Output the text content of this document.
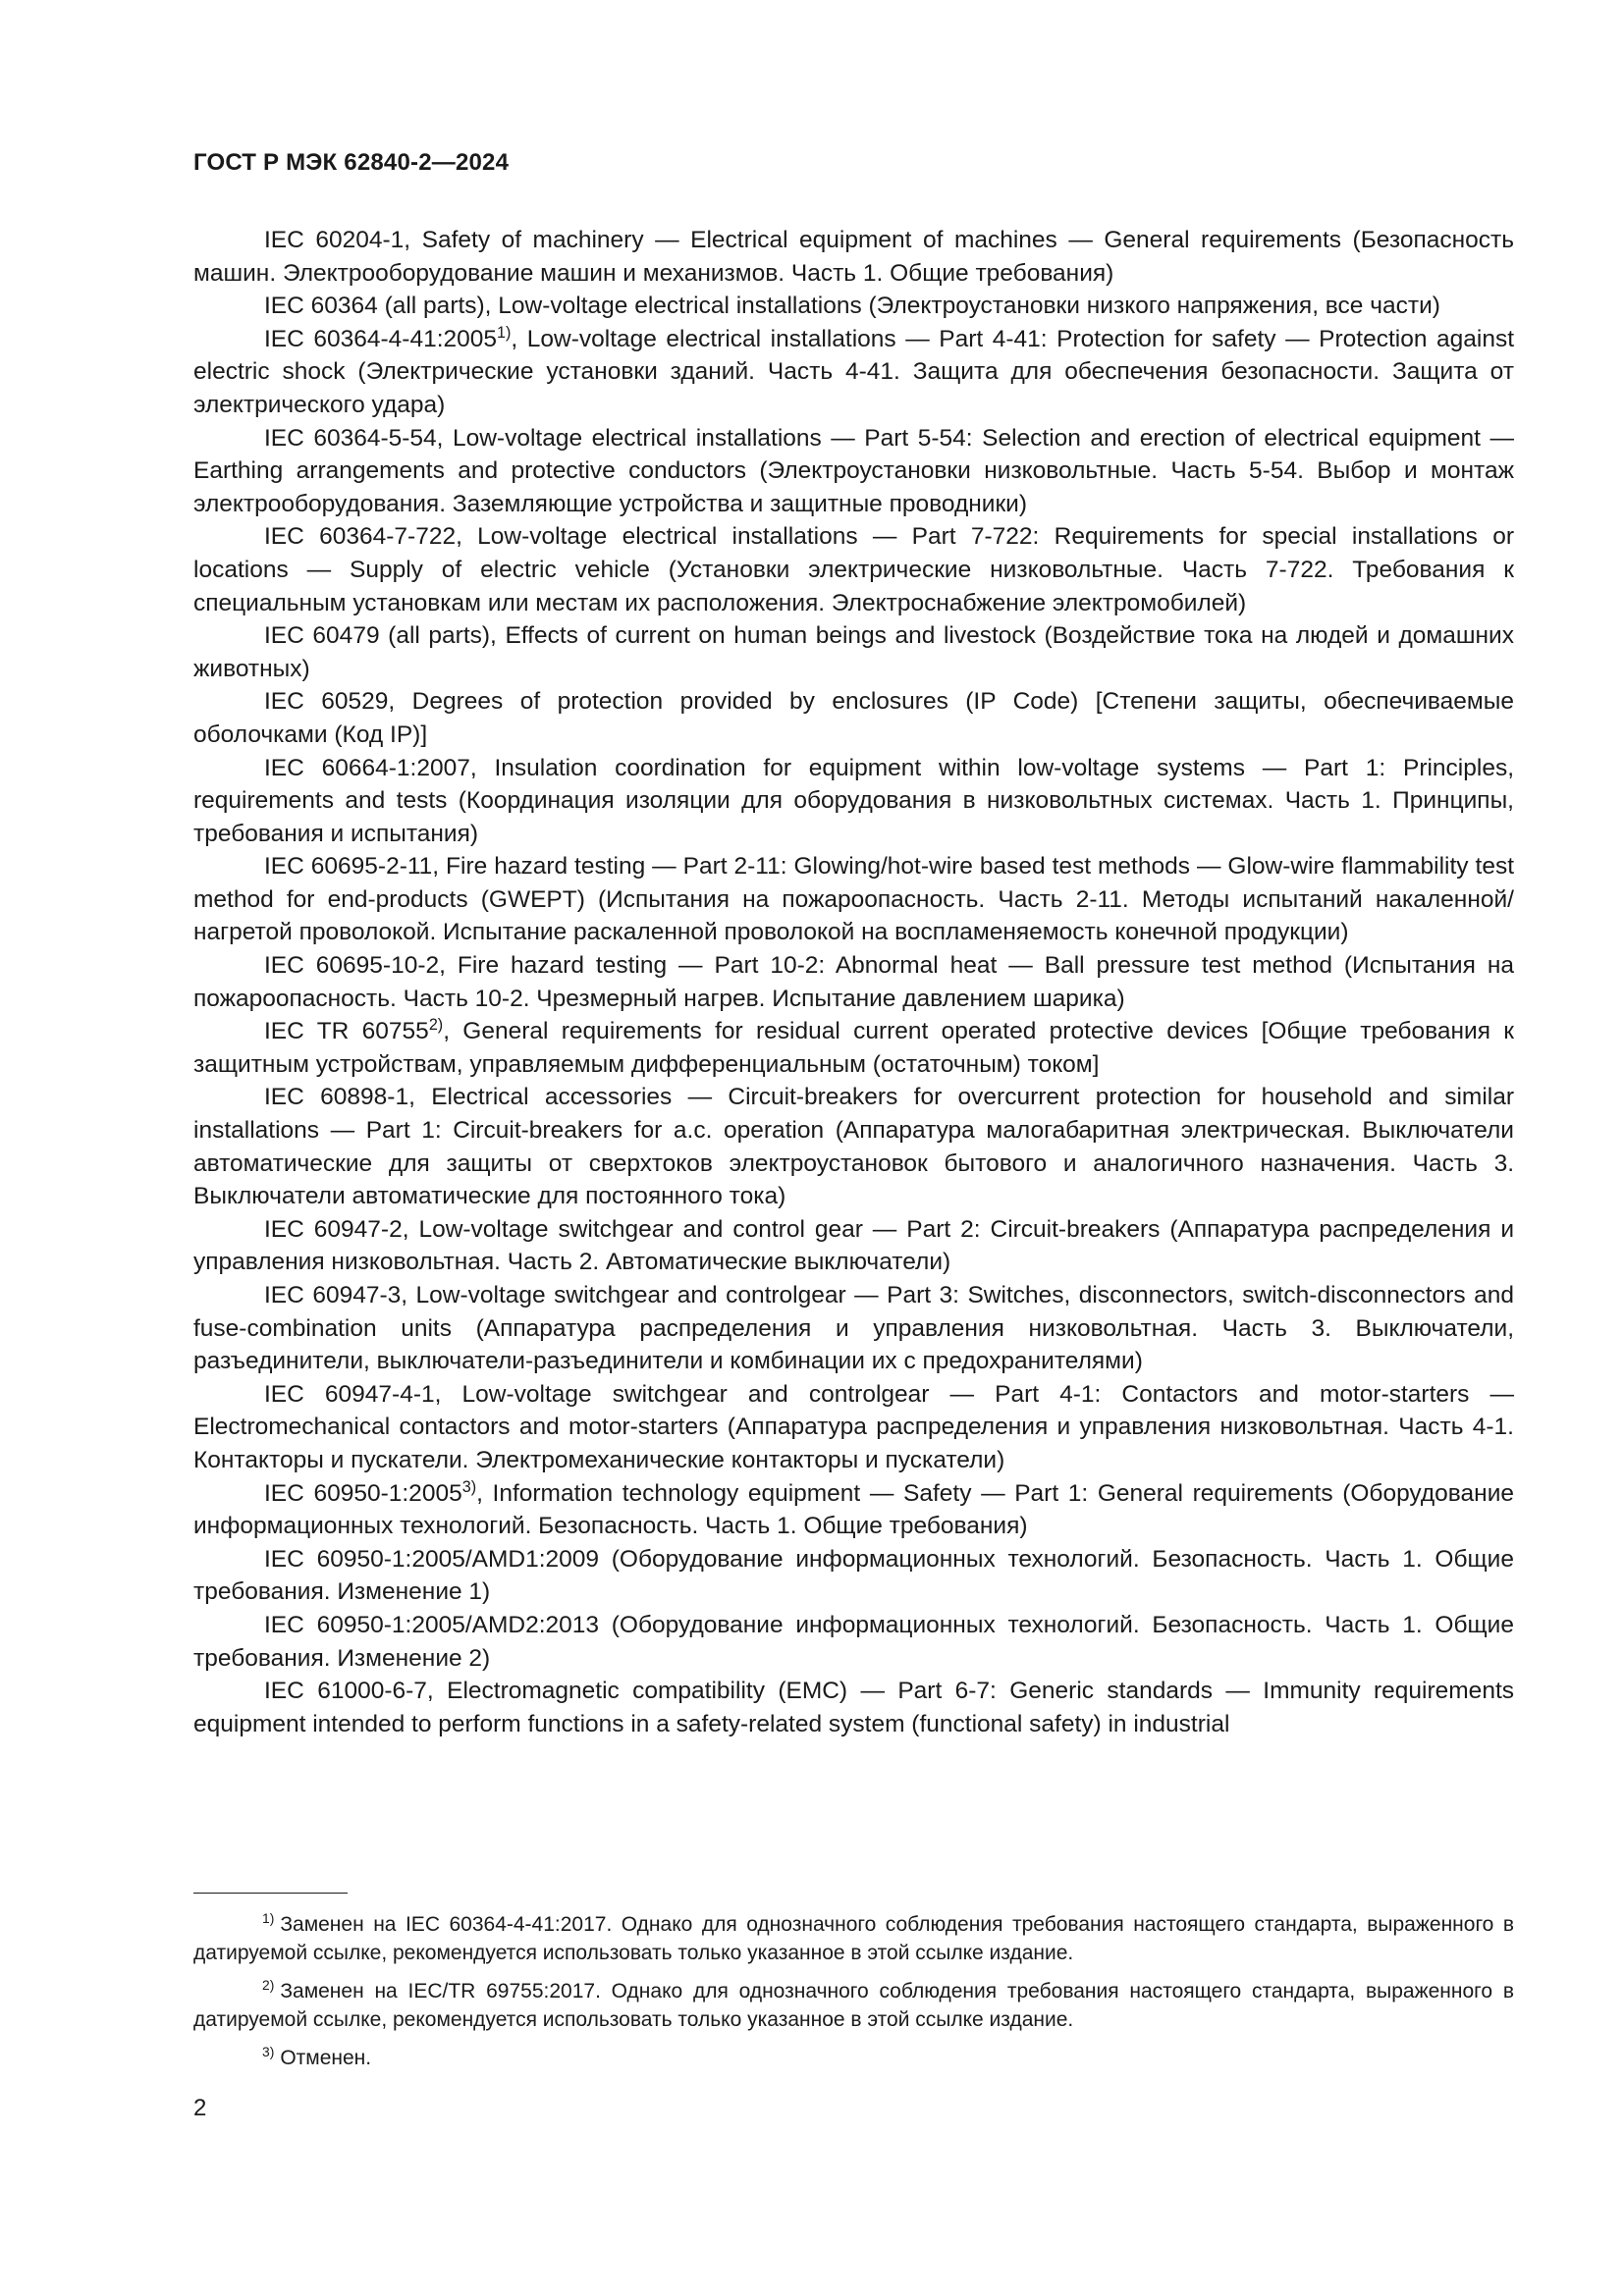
ГОСТ Р МЭК 62840-2—2024

IEC 60204-1, Safety of machinery — Electrical equipment of machines — General requirements (Безопасность машин. Электрооборудование машин и механизмов. Часть 1. Общие требования)

IEC 60364 (all parts), Low-voltage electrical installations (Электроустановки низкого напряжения, все части)

IEC 60364-4-41:2005$^{1)}$, Low-voltage electrical installations — Part 4-41: Protection for safety — Protection against electric shock (Электрические установки зданий. Часть 4-41. Защита для обеспечения безопасности. Защита от электрического удара)

IEC 60364-5-54, Low-voltage electrical installations — Part 5-54: Selection and erection of electrical equipment — Earthing arrangements and protective conductors (Электроустановки низковольтные. Часть 5-54. Выбор и монтаж электрооборудования. Заземляющие устройства и защитные проводники)

IEC 60364-7-722, Low-voltage electrical installations — Part 7-722: Requirements for special installations or locations — Supply of electric vehicle (Установки электрические низковольтные. Часть 7-722. Требования к специальным установкам или местам их расположения. Электроснабжение электромобилей)

IEC 60479 (all parts), Effects of current on human beings and livestock (Воздействие тока на людей и домашних животных)

IEC 60529, Degrees of protection provided by enclosures (IP Code) [Степени защиты, обеспечиваемые оболочками (Код IP)]

IEC 60664-1:2007, Insulation coordination for equipment within low-voltage systems — Part 1: Principles, requirements and tests (Координация изоляции для оборудования в низковольтных системах. Часть 1. Принципы, требования и испытания)

IEC 60695-2-11, Fire hazard testing — Part 2-11: Glowing/hot-wire based test methods — Glow-wire flammability test method for end-products (GWEPT) (Испытания на пожароопасность. Часть 2-11. Методы испытаний накаленной/нагретой проволокой. Испытание раскаленной проволокой на воспламеняемость конечной продукции)

IEC 60695-10-2, Fire hazard testing — Part 10-2: Abnormal heat — Ball pressure test method (Испытания на пожароопасность. Часть 10-2. Чрезмерный нагрев. Испытание давлением шарика)

IEC TR 60755$^{2)}$, General requirements for residual current operated protective devices [Общие требования к защитным устройствам, управляемым дифференциальным (остаточным) током]

IEC 60898-1, Electrical accessories — Circuit-breakers for overcurrent protection for household and similar installations — Part 1: Circuit-breakers for a.c. operation (Аппаратура малогабаритная электрическая. Выключатели автоматические для защиты от сверхтоков электроустановок бытового и аналогичного назначения. Часть 3. Выключатели автоматические для постоянного тока)

IEC 60947-2, Low-voltage switchgear and control gear — Part 2: Circuit-breakers (Аппаратура распределения и управления низковольтная. Часть 2. Автоматические выключатели)

IEC 60947-3, Low-voltage switchgear and controlgear — Part 3: Switches, disconnectors, switch-disconnectors and fuse-combination units (Аппаратура распределения и управления низковольтная. Часть 3. Выключатели, разъединители, выключатели-разъединители и комбинации их с предохранителями)

IEC 60947-4-1, Low-voltage switchgear and controlgear — Part 4-1: Contactors and motor-starters — Electromechanical contactors and motor-starters (Аппаратура распределения и управления низковольтная. Часть 4-1. Контакторы и пускатели. Электромеханические контакторы и пускатели)

IEC 60950-1:2005$^{3)}$, Information technology equipment — Safety — Part 1: General requirements (Оборудование информационных технологий. Безопасность. Часть 1. Общие требования)

IEC 60950-1:2005/AMD1:2009 (Оборудование информационных технологий. Безопасность. Часть 1. Общие требования. Изменение 1)

IEC 60950-1:2005/AMD2:2013 (Оборудование информационных технологий. Безопасность. Часть 1. Общие требования. Изменение 2)

IEC 61000-6-7, Electromagnetic compatibility (EMC) — Part 6-7: Generic standards — Immunity requirements equipment intended to perform functions in a safety-related system (functional safety) in industrial

$^{1)}$ Заменен на IEC 60364-4-41:2017. Однако для однозначного соблюдения требования настоящего стандарта, выраженного в датируемой ссылке, рекомендуется использовать только указанное в этой ссылке издание.

$^{2)}$ Заменен на IEC/TR 69755:2017. Однако для однозначного соблюдения требования настоящего стандарта, выраженного в датируемой ссылке, рекомендуется использовать только указанное в этой ссылке издание.

$^{3)}$ Отменен.

2
